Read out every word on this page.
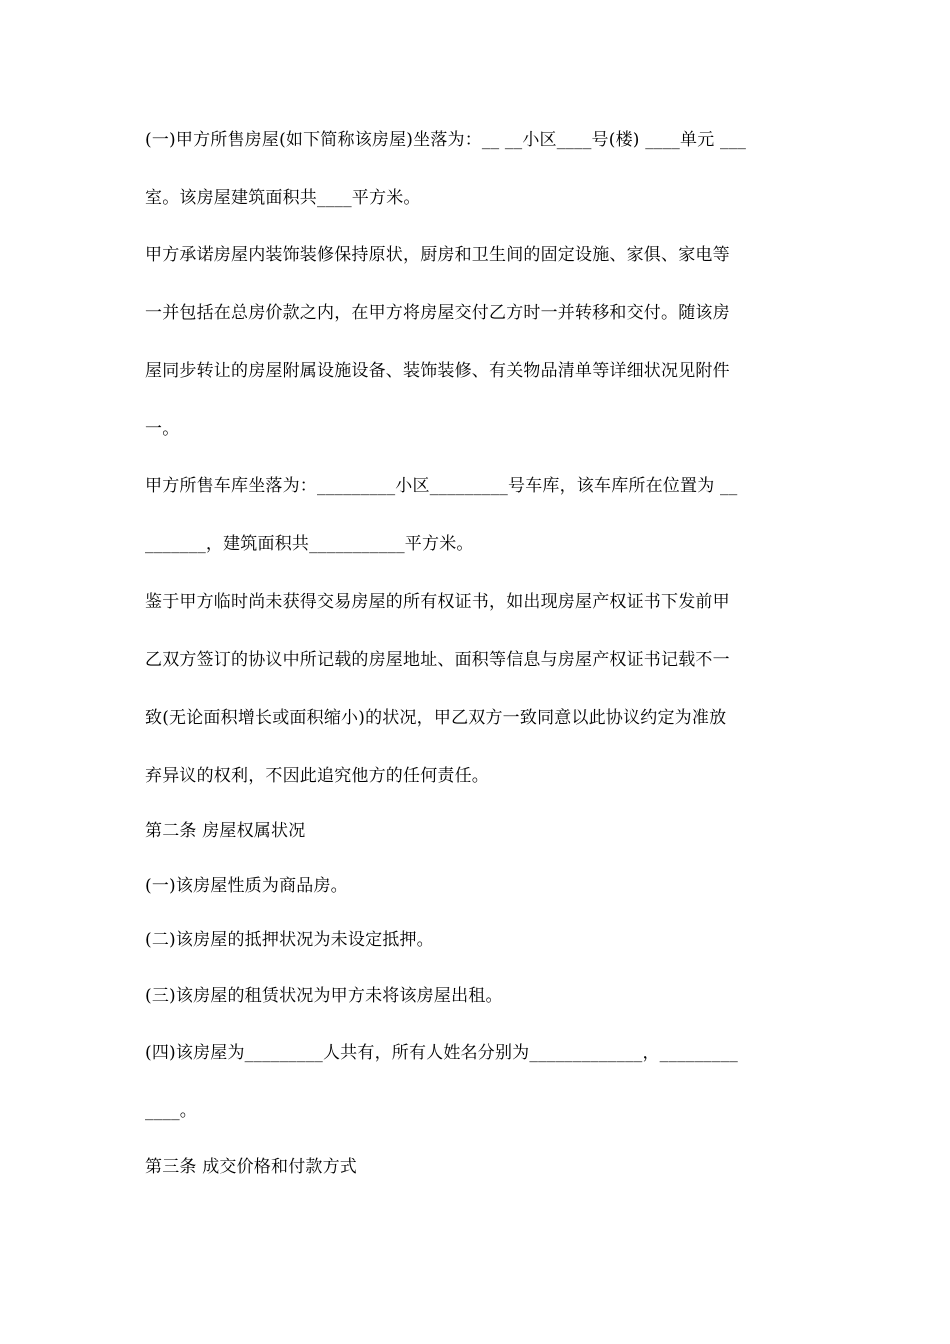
(一)甲方所售房屋(如下简称该房屋)坐落为：__ __小区____号(楼) ____单元 ___
室。该房屋建筑面积共____平方米。
甲方承诺房屋内装饰装修保持原状，厨房和卫生间的固定设施、家俱、家电等
一并包括在总房价款之内，在甲方将房屋交付乙方时一并转移和交付。随该房
屋同步转让的房屋附属设施设备、装饰装修、有关物品清单等详细状况见附件
一。
甲方所售车库坐落为：_________小区_________号车库，该车库所在位置为 __
_______，建筑面积共___________平方米。
鉴于甲方临时尚未获得交易房屋的所有权证书，如出现房屋产权证书下发前甲
乙双方签订的协议中所记载的房屋地址、面积等信息与房屋产权证书记载不一
致(无论面积增长或面积缩小)的状况，甲乙双方一致同意以此协议约定为准放
弃异议的权利，不因此追究他方的任何责任。
第二条 房屋权属状况
(一)该房屋性质为商品房。
(二)该房屋的抵押状况为未设定抵押。
(三)该房屋的租赁状况为甲方未将该房屋出租。
(四)该房屋为_________人共有，所有人姓名分别为_____________，_________
____。
第三条 成交价格和付款方式
